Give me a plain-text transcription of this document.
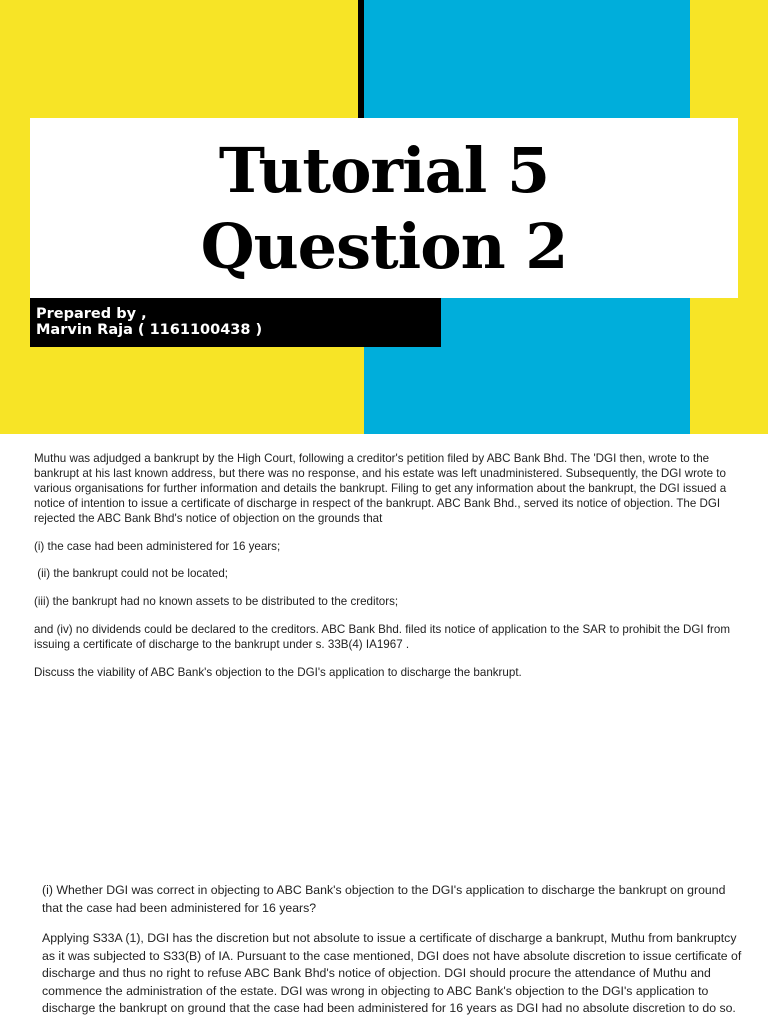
Tutorial 5
Question 2
Prepared by ,
Marvin Raja ( 1161100438 )

Muthu was adjudged a bankrupt by the High Court, following a creditor's petition filed by ABC Bank Bhd. The 'DGI then, wrote to the bankrupt at his last known address, but there was no response, and his estate was left unadministered. Subsequently, the DGI wrote to various organisations for further information and details the bankrupt. Filing to get any information about the bankrupt, the DGI issued a notice of intention to issue a certificate of discharge in respect of the bankrupt. ABC Bank Bhd., served its notice of objection. The DGI rejected the ABC Bank Bhd's notice of objection on the grounds that

(i) the case had been administered for 16 years;

(ii) the bankrupt could not be located;

(iii) the bankrupt had no known assets to be distributed to the creditors;

and (iv) no dividends could be declared to the creditors. ABC Bank Bhd. filed its notice of application to the SAR to prohibit the DGI from issuing a certificate of discharge to the bankrupt under s. 33B(4) IA1967 .

Discuss the viability of ABC Bank's objection to the DGI's application to discharge the bankrupt.

(i) Whether DGI was correct in objecting to ABC Bank's objection to the DGI's application to discharge the bankrupt on ground that the case had been administered for 16 years?

Applying S33A (1), DGI has the discretion but not absolute to issue a certificate of discharge a bankrupt, Muthu from bankruptcy as it was subjected to S33(B) of IA. Pursuant to the case mentioned, DGI does not have absolute discretion to issue certificate of discharge and thus no right to refuse ABC Bank Bhd's notice of objection. DGI should procure the attendance of Muthu and commence the administration of the estate. DGI was wrong in objecting to ABC Bank's objection to the DGI's application to discharge the bankrupt on ground that the case had been administered for 16 years as DGI had no absolute discretion to do so.
